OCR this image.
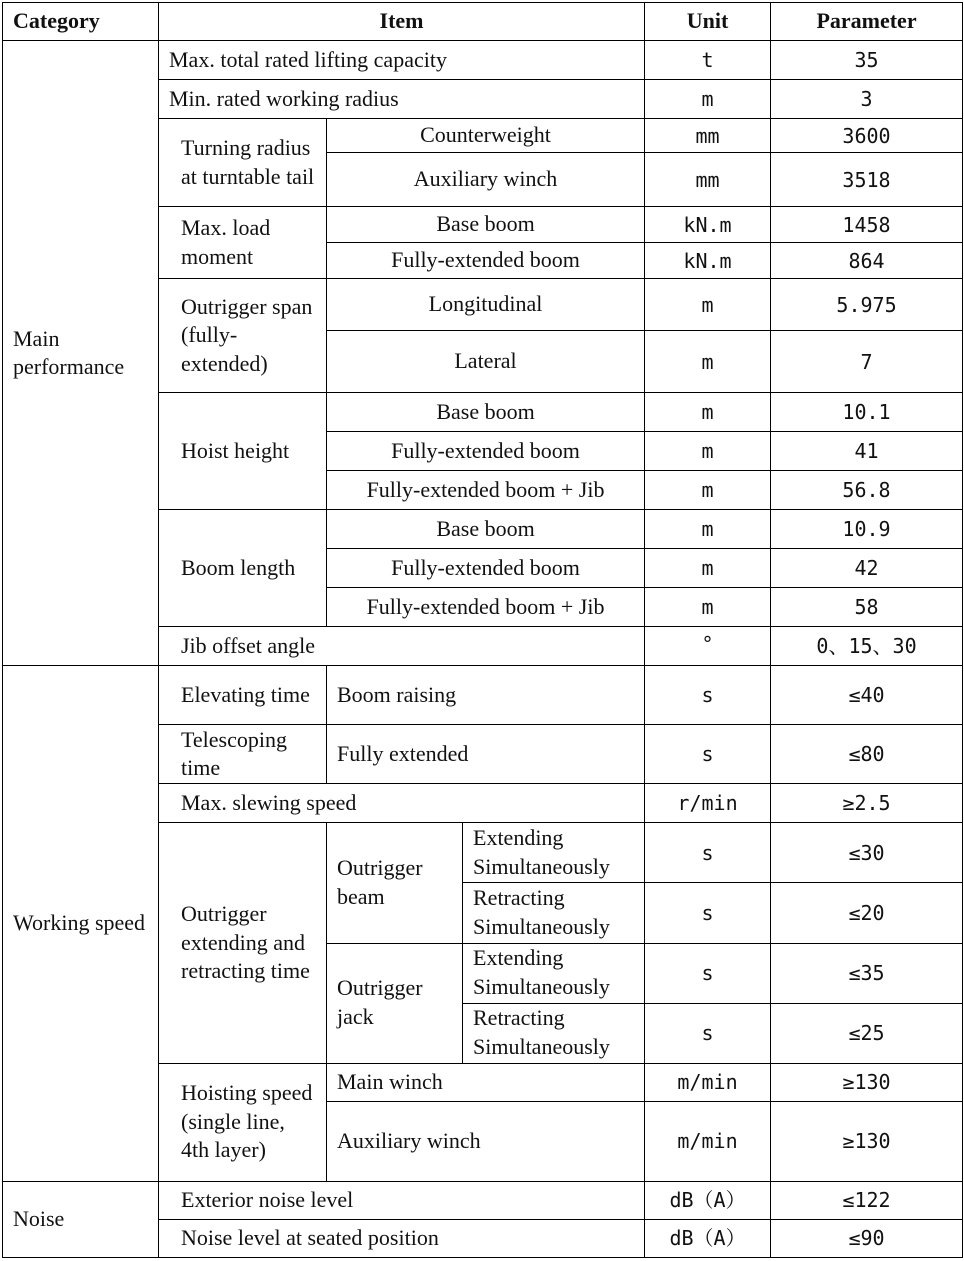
Category	Item			Unit	Parameter
Main performance	Max. total rated lifting capacity			t	35
	Min. rated working radius			m	3
	Turning radius at turntable tail	Counterweight		mm	3600
		Auxiliary winch		mm	3518
	Max. load moment	Base boom		kN.m	1458
		Fully-extended boom		kN.m	864
	Outrigger span (fully-extended)	Longitudinal		m	5.975
		Lateral		m	7
	Hoist height	Base boom		m	10.1
		Fully-extended boom		m	41
		Fully-extended boom + Jib		m	56.8
	Boom length	Base boom		m	10.9
		Fully-extended boom		m	42
		Fully-extended boom + Jib		m	58
	Jib offset angle			°	0、15、30
Working speed	Elevating time	Boom raising		s	≤40
	Telescoping time	Fully extended		s	≤80
	Max. slewing speed			r/min	≥2.5
	Outrigger extending and retracting time	Outrigger beam	Extending Simultaneously	s	≤30
			Retracting Simultaneously	s	≤20
		Outrigger jack	Extending Simultaneously	s	≤35
			Retracting Simultaneously	s	≤25
	Hoisting speed (single line, 4th layer)	Main winch		m/min	≥130
		Auxiliary winch		m/min	≥130
Noise	Exterior noise level			dB（A）	≤122
	Noise level at seated position			dB（A）	≤90
